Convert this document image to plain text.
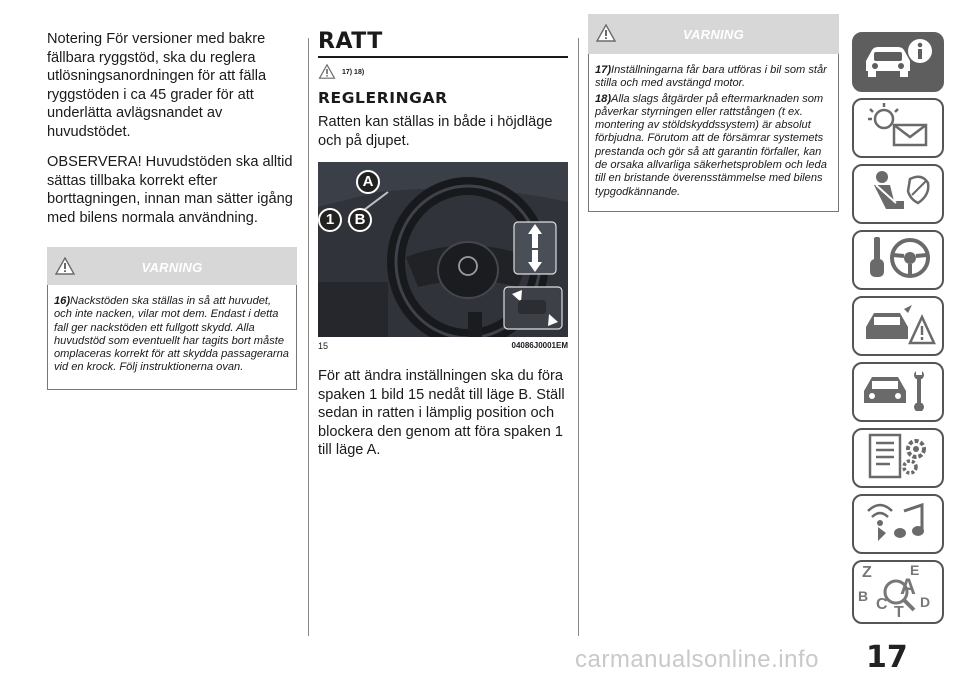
Notering För versioner med bakre fällbara ryggstöd, ska du reglera utlösningsanordningen för att fälla ryggstöden i ca 45 grader för att underlätta avlägsnandet av huvudstödet.

OBSERVERA! Huvudstöden ska alltid sättas tillbaka korrekt efter borttagningen, innan man sätter igång med bilens normala användning.

VARNING

16)Nackstöden ska ställas in så att huvudet, och inte nacken, vilar mot dem. Endast i detta fall ger nackstöden ett fullgott skydd. Alla huvudstöd som eventuellt har tagits bort måste omplaceras korrekt för att skydda passagerarna vid en krock. Följ instruktionerna ovan.

RATT
17) 18)
REGLERINGAR

Ratten kan ställas in både i höjdläge och på djupet.

A
1	B
15	04086J0001EM

För att ändra inställningen ska du föra spaken 1 bild 15 nedåt till läge B. Ställ sedan in ratten i lämplig position och blockera den genom att föra spaken 1 till läge A.

VARNING

17)Inställningarna får bara utföras i bil som står stilla och med avstängd motor.

18)Alla slags åtgärder på eftermarknaden som påverkar styrningen eller rattstången (t ex. montering av stöldskyddssystem) är absolut förbjudna. Förutom att de försämrar systemets prestanda och gör så att garantin förfaller, kan de orsaka allvarliga säkerhetsproblem och leda till en bristande överensstämmelse med bilens typgodkännande.

Z	E
A
B C D
T
carmanualsonline.info 17
